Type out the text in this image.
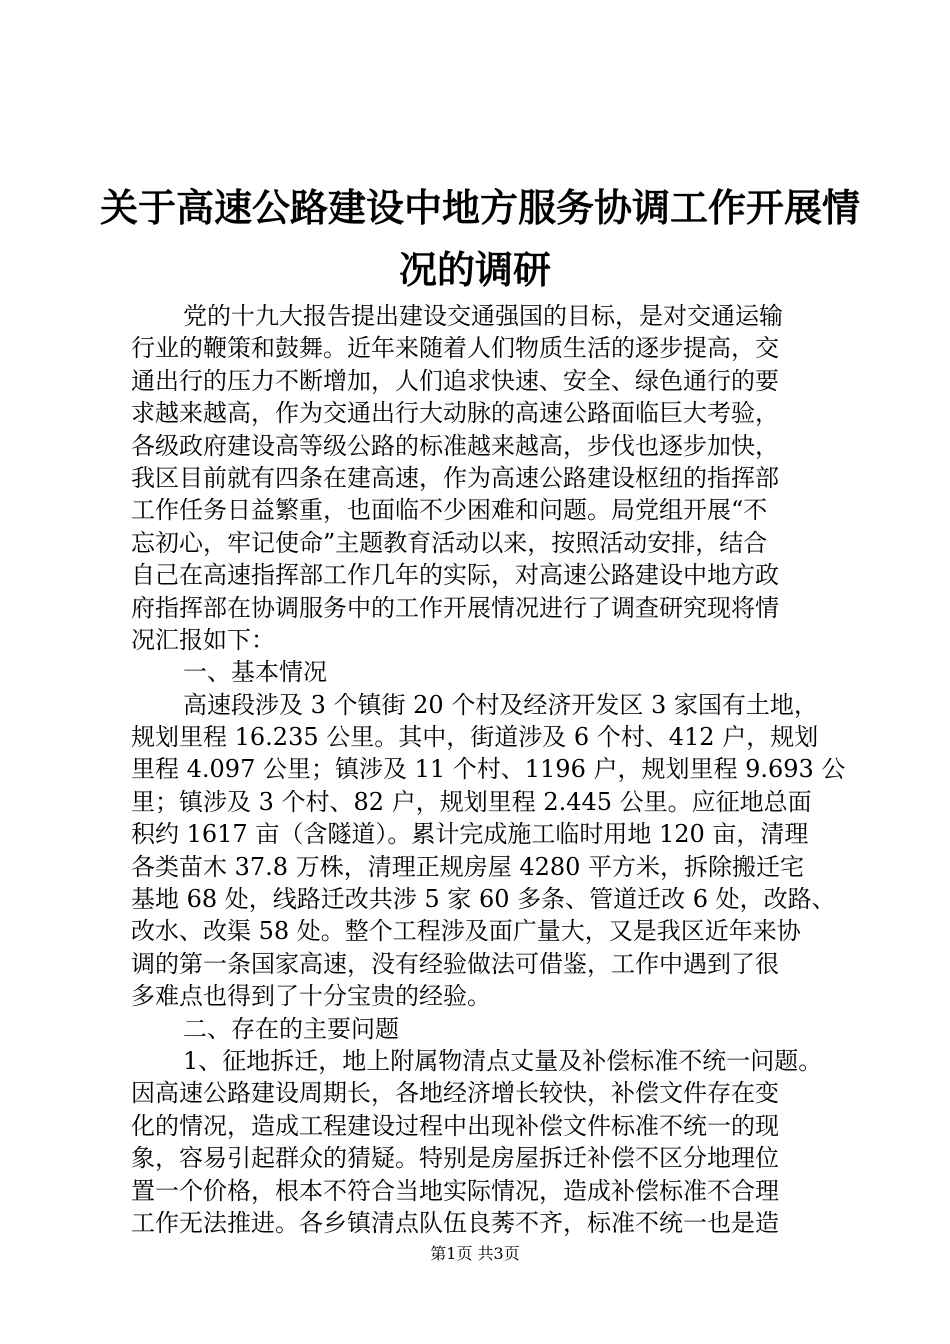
关于高速公路建设中地方服务协调工作开展情
况的调研
党的十九大报告提出建设交通强国的目标，是对交通运输
行业的鞭策和鼓舞。近年来随着人们物质生活的逐步提高，交
通出行的压力不断增加，人们追求快速、安全、绿色通行的要
求越来越高，作为交通出行大动脉的高速公路面临巨大考验，
各级政府建设高等级公路的标准越来越高，步伐也逐步加快，
我区目前就有四条在建高速，作为高速公路建设枢纽的指挥部
工作任务日益繁重，也面临不少困难和问题。局党组开展“不
忘初心，牢记使命”主题教育活动以来，按照活动安排，结合
自己在高速指挥部工作几年的实际，对高速公路建设中地方政
府指挥部在协调服务中的工作开展情况进行了调查研究现将情
况汇报如下：
一、基本情况
高速段涉及 3 个镇街 20 个村及经济开发区 3 家国有土地，
规划里程 16.235 公里。其中，街道涉及 6 个村、412 户，规划
里程 4.097 公里；镇涉及 11 个村、1196 户，规划里程 9.693 公
里；镇涉及 3 个村、82 户，规划里程 2.445 公里。应征地总面
积约 1617 亩（含隧道）。累计完成施工临时用地 120 亩，清理
各类苗木 37.8 万株，清理正规房屋 4280 平方米，拆除搬迁宅
基地 68 处，线路迁改共涉 5 家 60 多条、管道迁改 6 处，改路、
改水、改渠 58 处。整个工程涉及面广量大，又是我区近年来协
调的第一条国家高速，没有经验做法可借鉴，工作中遇到了很
多难点也得到了十分宝贵的经验。
二、存在的主要问题
1、征地拆迁，地上附属物清点丈量及补偿标准不统一问题。
因高速公路建设周期长，各地经济增长较快，补偿文件存在变
化的情况，造成工程建设过程中出现补偿文件标准不统一的现
象，容易引起群众的猜疑。特别是房屋拆迁补偿不区分地理位
置一个价格，根本不符合当地实际情况，造成补偿标准不合理
工作无法推进。各乡镇清点队伍良莠不齐，标准不统一也是造
第1页 共3页
